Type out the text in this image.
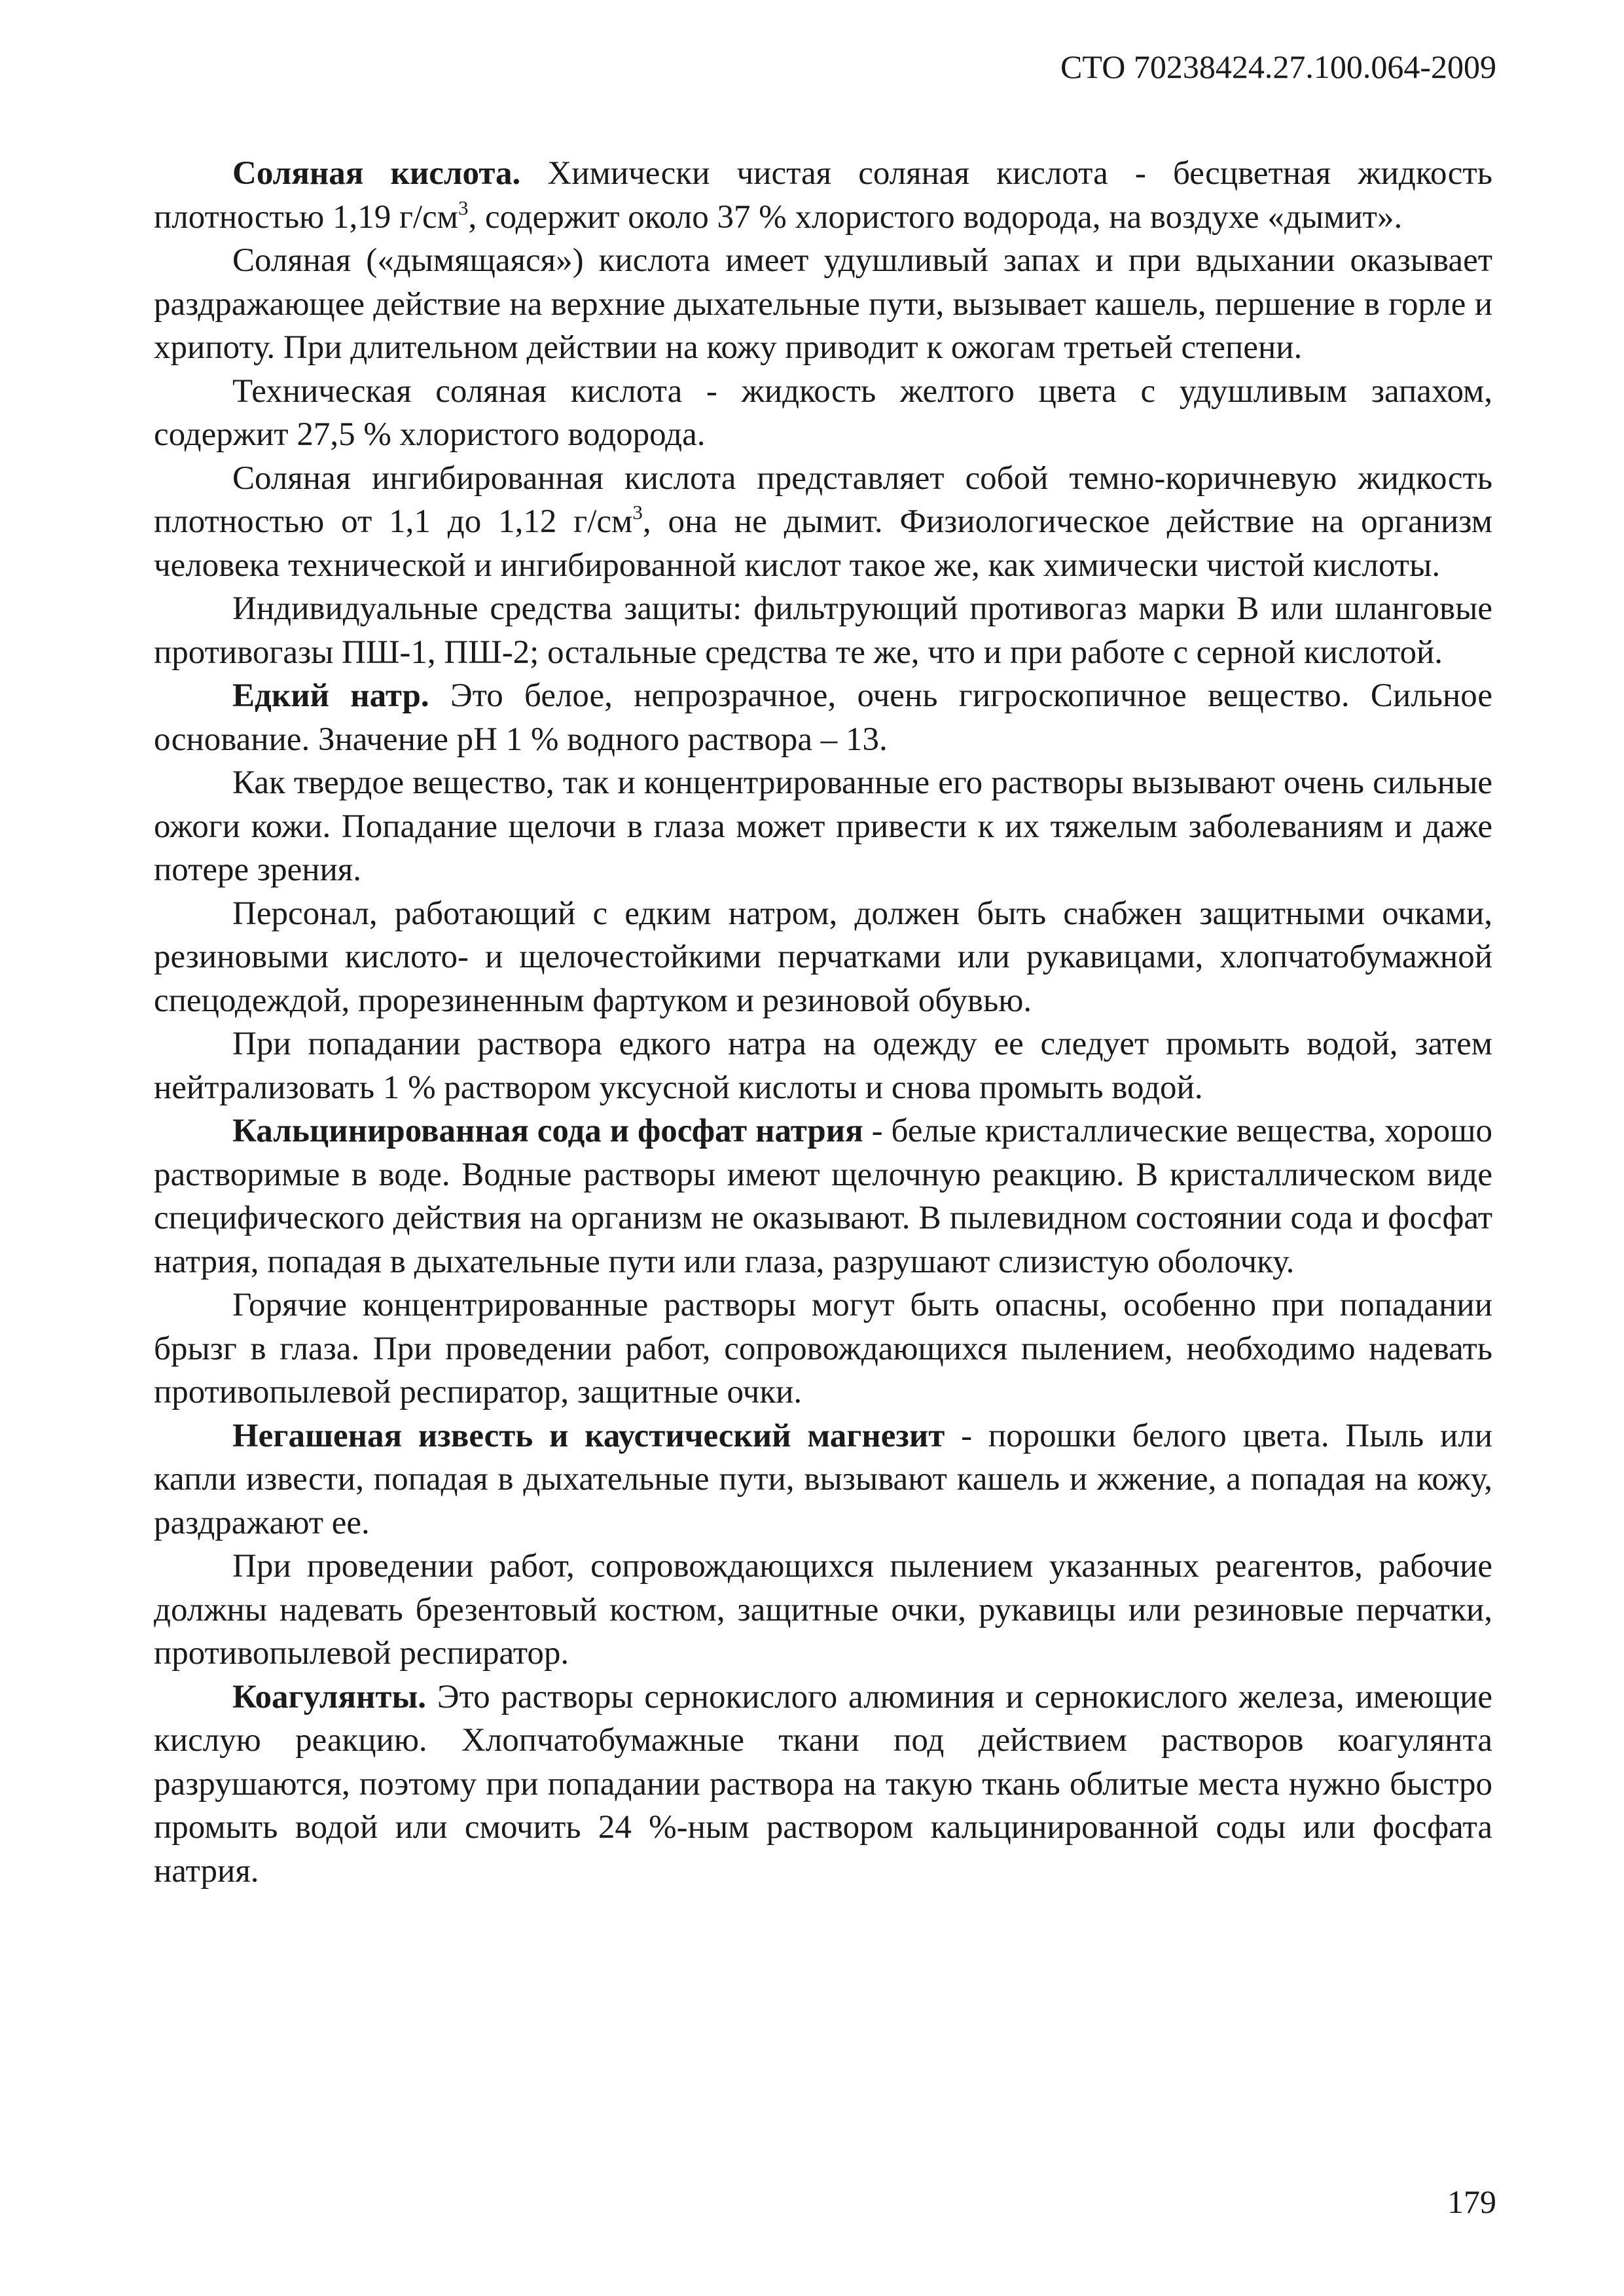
СТО 70238424.27.100.064-2009

Соляная кислота. Химически чистая соляная кислота - бесцветная жидкость плотностью 1,19 $г/см^3$, содержит около 37 % хлористого водорода, на воздухе «дымит».

Соляная («дымящаяся») кислота имеет удушливый запах и при вдыхании оказывает раздражающее действие на верхние дыхательные пути, вызывает кашель, першение в горле и хрипоту. При длительном действии на кожу приводит к ожогам третьей степени.

Техническая соляная кислота - жидкость желтого цвета с удушливым запахом, содержит 27,5 % хлористого водорода.

Соляная ингибированная кислота представляет собой темно-коричневую жидкость плотностью от 1,1 до 1,12 $г/см^3$, она не дымит. Физиологическое действие на организм человека технической и ингибированной кислот такое же, как химически чистой кислоты.

Индивидуальные средства защиты: фильтрующий противогаз марки В или шланговые противогазы ПШ-1, ПШ-2; остальные средства те же, что и при работе с серной кислотой.

Едкий натр. Это белое, непрозрачное, очень гигроскопичное вещество. Сильное основание. Значение pH 1 % водного раствора – 13.

Как твердое вещество, так и концентрированные его растворы вызывают очень сильные ожоги кожи. Попадание щелочи в глаза может привести к их тяжелым заболеваниям и даже потере зрения.

Персонал, работающий с едким натром, должен быть снабжен защитными очками, резиновыми кислото- и щелочестойкими перчатками или рукавицами, хлопчатобумажной спецодеждой, прорезиненным фартуком и резиновой обувью.

При попадании раствора едкого натра на одежду ее следует промыть водой, затем нейтрализовать 1 % раствором уксусной кислоты и снова промыть водой.

Кальцинированная сода и фосфат натрия - белые кристаллические вещества, хорошо растворимые в воде. Водные растворы имеют щелочную реакцию. В кристаллическом виде специфического действия на организм не оказывают. В пылевидном состоянии сода и фосфат натрия, попадая в дыхательные пути или глаза, разрушают слизистую оболочку.

Горячие концентрированные растворы могут быть опасны, особенно при попадании брызг в глаза. При проведении работ, сопровождающихся пылением, необходимо надевать противопылевой респиратор, защитные очки.

Негашеная известь и каустический магнезит - порошки белого цвета. Пыль или капли извести, попадая в дыхательные пути, вызывают кашель и жжение, а попадая на кожу, раздражают ее.

При проведении работ, сопровождающихся пылением указанных реагентов, рабочие должны надевать брезентовый костюм, защитные очки, рукавицы или резиновые перчатки, противопылевой респиратор.

Коагулянты. Это растворы сернокислого алюминия и сернокислого железа, имеющие кислую реакцию. Хлопчатобумажные ткани под действием растворов коагулянта разрушаются, поэтому при попадании раствора на такую ткань облитые места нужно быстро промыть водой или смочить 24 %-ным раствором кальцинированной соды или фосфата натрия.

179
